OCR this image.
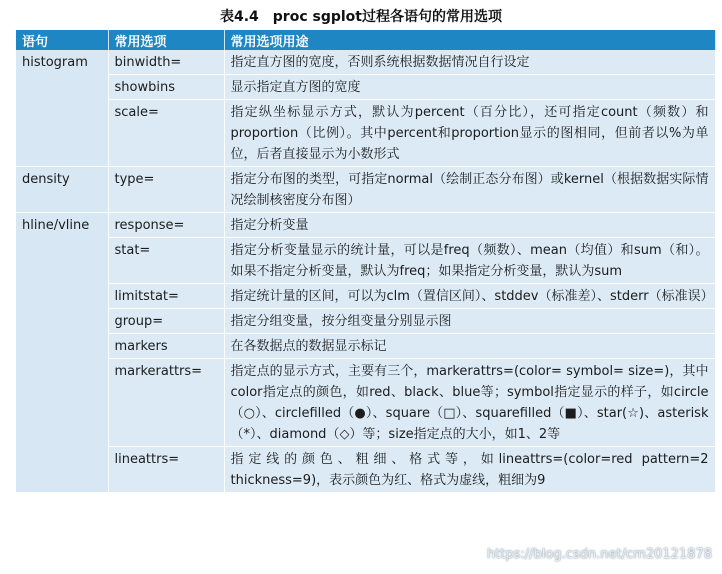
表4.4　proc sgplot过程各语句的常用选项
语句	常用选项	常用选项用途
histogram	binwidth=	指定直方图的宽度，否则系统根据数据情况自行设定
	showbins	显示指定直方图的宽度
	scale=	指定纵坐标显示方式，默认为percent（百分比），还可指定count（频数）和proportion（比例）。其中percent和proportion显示的图相同，但前者以%为单位，后者直接显示为小数形式
density	type=	指定分布图的类型，可指定normal（绘制正态分布图）或kernel（根据数据实际情况绘制核密度分布图）
hline/vline	response=	指定分析变量
	stat=	指定分析变量显示的统计量，可以是freq（频数）、mean（均值）和sum（和）。如果不指定分析变量，默认为freq；如果指定分析变量，默认为sum
	limitstat=	指定统计量的区间，可以为clm（置信区间）、stddev（标准差）、stderr（标准误）
	group=	指定分组变量，按分组变量分别显示图
	markers	在各数据点的数据显示标记
	markerattrs=	指定点的显示方式，主要有三个，markerattrs=(color= symbol= size=)，其中color指定点的颜色，如red、black、blue等；symbol指定显示的样子，如circle（○）、circlefilled（●）、square（□）、squarefilled（■）、star(☆)、asterisk（*）、diamond（◇）等；size指定点的大小，如1、2等
	lineattrs=	指定线的颜色、粗细、格式等，如lineattrs=(color=red pattern=2 thickness=9)，表示颜色为红、格式为虚线，粗细为9
https://blog.csdn.net/cm20121878
